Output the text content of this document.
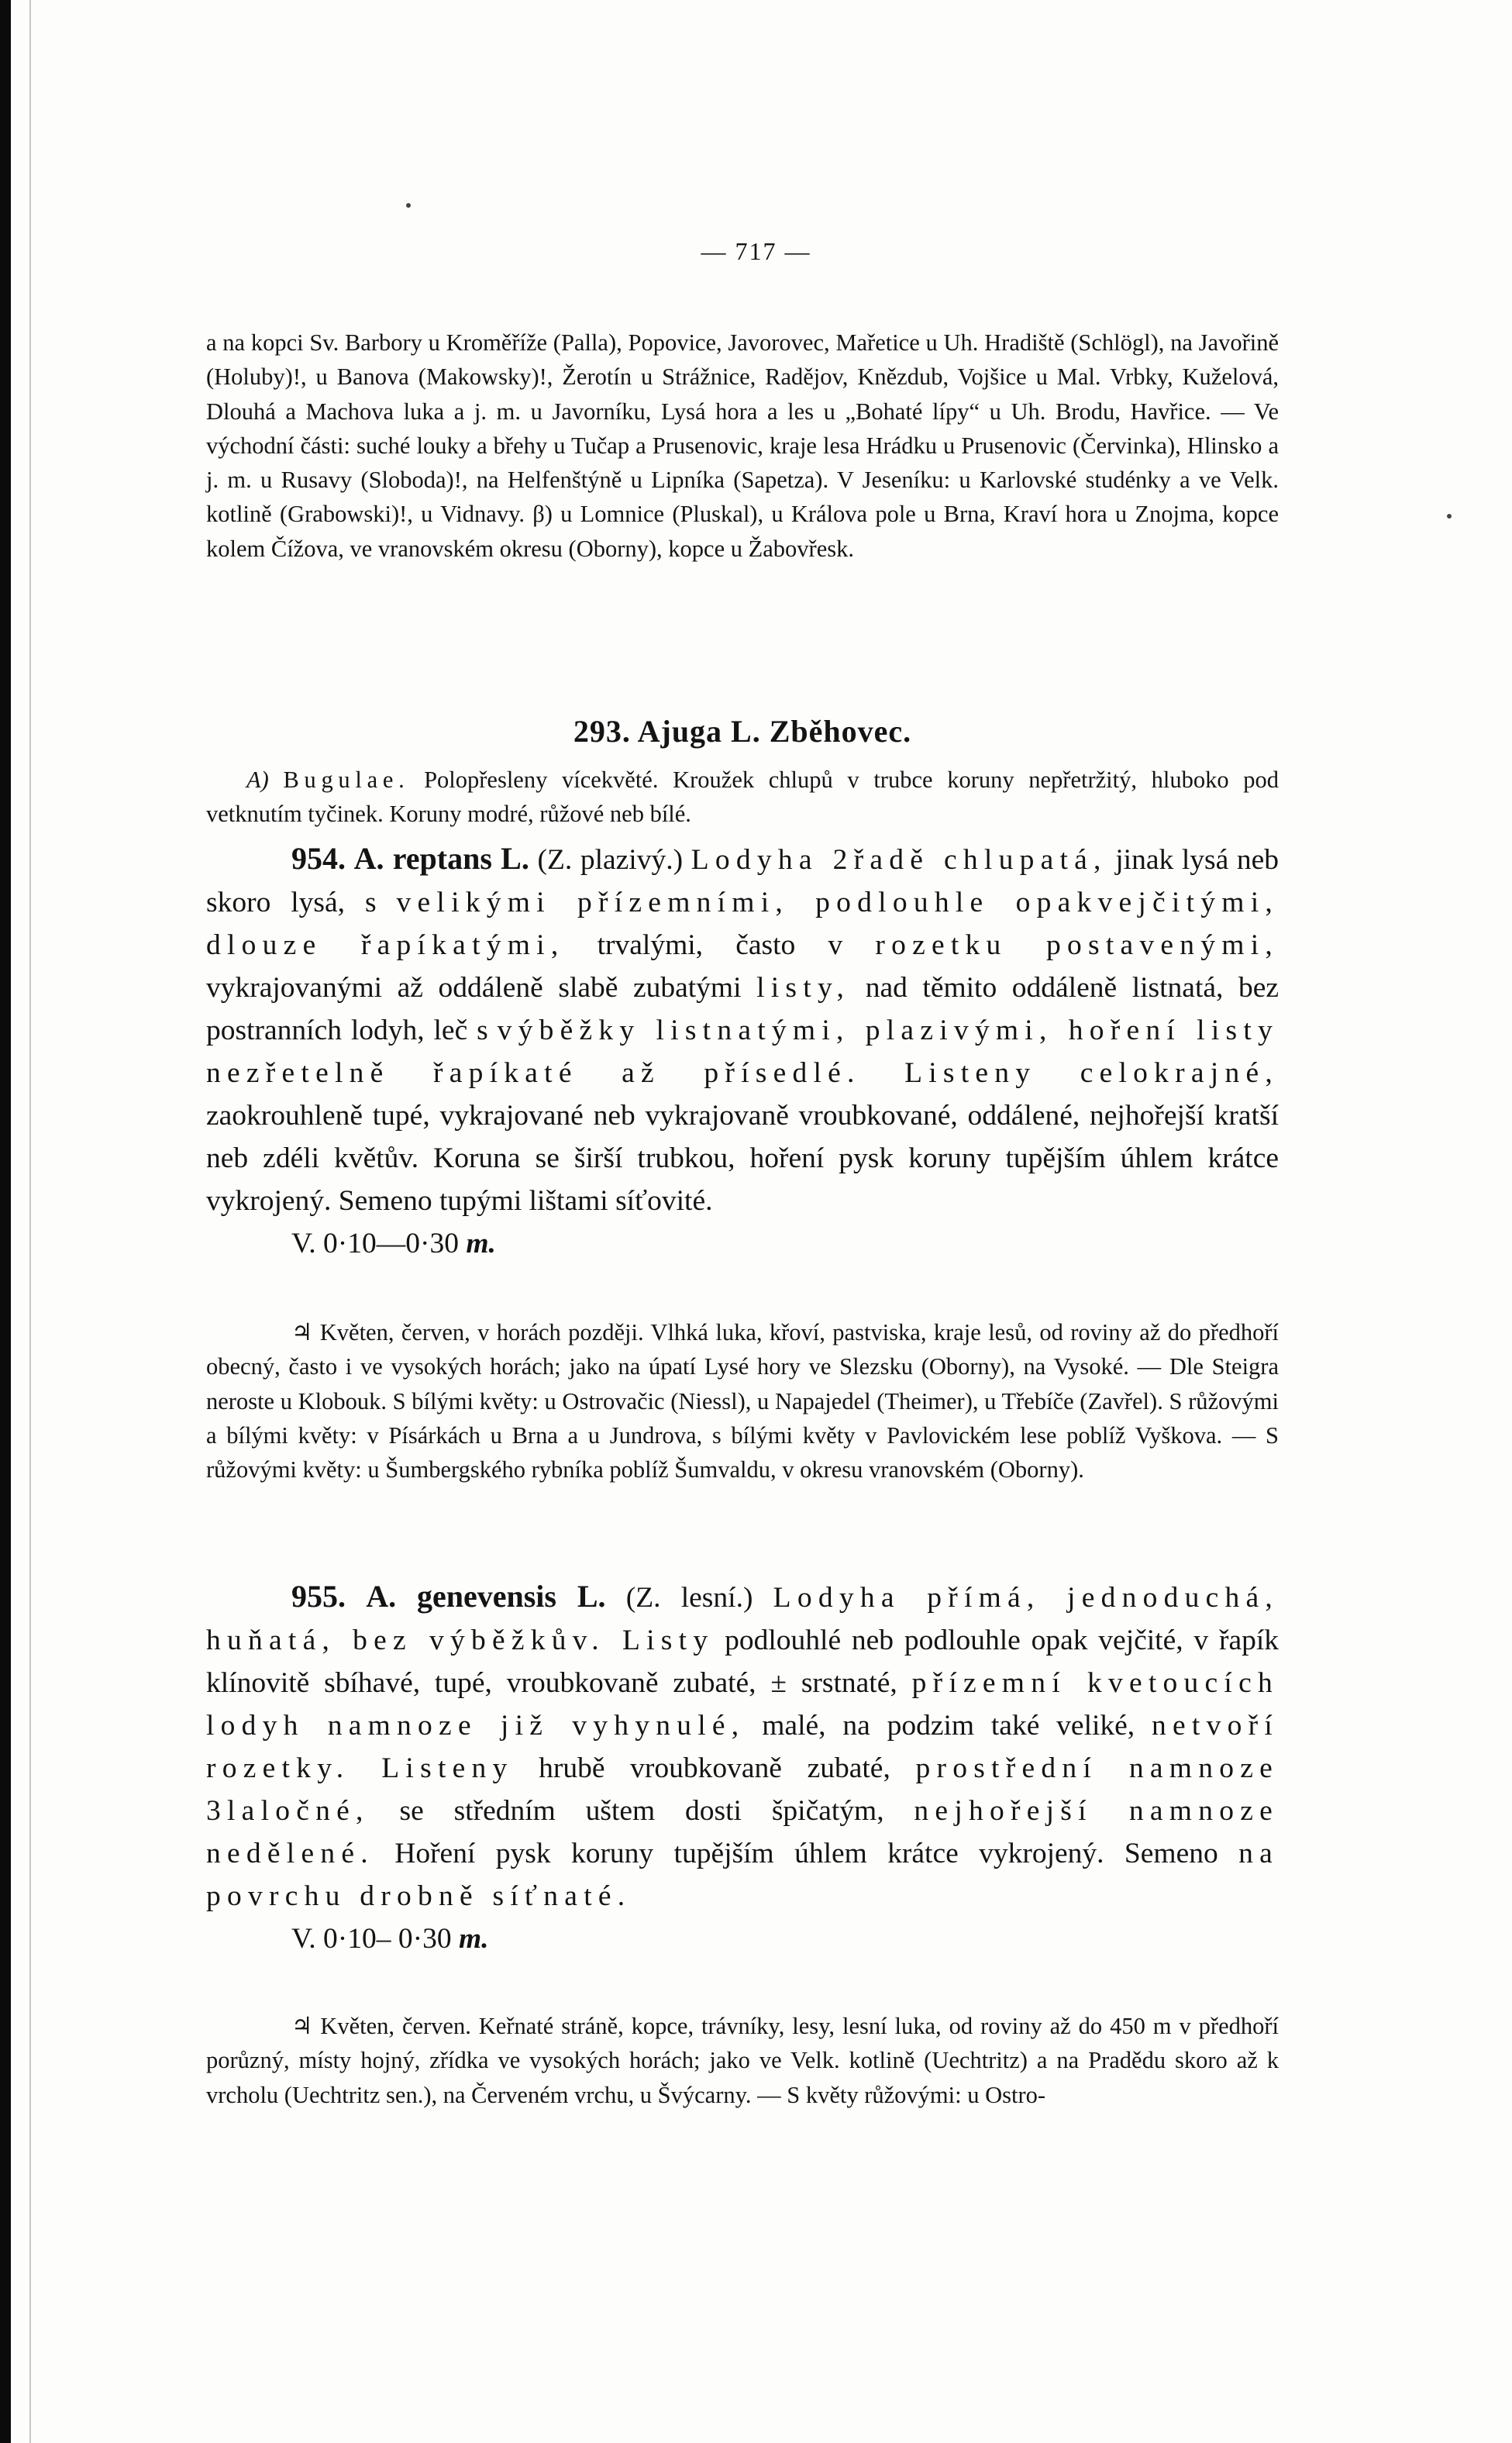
— 717 —

a na kopci Sv. Barbory u Kroměříže (Palla), Popovice, Javorovec, Mařetice u Uh. Hradiště (Schlögl), na Javořině (Holuby)!, u Banova (Makowsky)!, Žerotín u Strážnice, Radějov, Knězdub, Vojšice u Mal. Vrbky, Kuželová, Dlouhá a Machova luka a j. m. u Javorníku, Lysá hora a les u „Bohaté lípy“ u Uh. Brodu, Havřice. — Ve východní části: suché louky a břehy u Tučap a Prusenovic, kraje lesa Hrádku u Prusenovic (Červinka), Hlinsko a j. m. u Rusavy (Sloboda)!, na Helfenštýně u Lipníka (Sapetza). V Jeseníku: u Karlovské studénky a ve Velk. kotlině (Grabowski)!, u Vidnavy. β) u Lomnice (Pluskal), u Králova pole u Brna, Kraví hora u Znojma, kopce kolem Čížova, ve vranovském okresu (Oborny), kopce u Žabovřesk.

293. Ajuga L. Zběhovec.

A) Bugulae. Polopřesleny vícekvěté. Kroužek chlupů v trubce koruny nepřetržitý, hluboko pod vetknutím tyčinek. Koruny modré, růžové neb bílé.

954. A. reptans L. (Z. plazivý.) Lodyha 2řadě chlupatá, jinak lysá neb skoro lysá, s velikými přízemními, podlouhle opakvejčitými, dlouze řapíkatými, trvalými, často v rozetku postavenými, vykrajovanými až oddáleně slabě zubatými listy, nad těmito oddáleně listnatá, bez postranních lodyh, leč s výběžky listnatými, plazivými, hoření listy nezřetelně řapíkaté až přísedlé. Listeny celokrajné, zaokrouhleně tupé, vykrajované neb vykrajovaně vroubkované, oddálené, nejhořejší kratší neb zdéli květův. Koruna se širší trubkou, hoření pysk koruny tupějším úhlem krátce vykrojený. Semeno tupými lištami síťovité.

V. 0·10—0·30 m.

♃ Květen, červen, v horách později. Vlhká luka, křoví, pastviska, kraje lesů, od roviny až do předhoří obecný, často i ve vysokých horách; jako na úpatí Lysé hory ve Slezsku (Oborny), na Vysoké. — Dle Steigra neroste u Klobouk. S bílými květy: u Ostrovačic (Niessl), u Napajedel (Theimer), u Třebíče (Zavřel). S růžovými a bílými květy: v Písárkách u Brna a u Jundrova, s bílými květy v Pavlovickém lese poblíž Vyškova. — S růžovými květy: u Šumbergského rybníka poblíž Šumvaldu, v okresu vranovském (Oborny).

955. A. genevensis L. (Z. lesní.) Lodyha přímá, jednoduchá, huňatá, bez výběžkův. Listy podlouhlé neb podlouhle opak vejčité, v řapík klínovitě sbíhavé, tupé, vroubkovaně zubaté, ± srstnaté, přízemní kvetoucích lodyh namnoze již vyhynulé, malé, na podzim také veliké, netvoří rozetky. Listeny hrubě vroubkovaně zubaté, prostřední namnoze 3laločné, se středním uštem dosti špičatým, nejhořejší namnoze nedělené. Hoření pysk koruny tupějším úhlem krátce vykrojený. Semeno na povrchu drobně síťnaté.

V. 0·10– 0·30 m.

♃ Květen, červen. Keřnaté stráně, kopce, trávníky, lesy, lesní luka, od roviny až do 450 m v předhoří porůzný, místy hojný, zřídka ve vysokých horách; jako ve Velk. kotlině (Uechtritz) a na Pradědu skoro až k vrcholu (Uechtritz sen.), na Červeném vrchu, u Švýcarny. — S květy růžovými: u Ostro-
